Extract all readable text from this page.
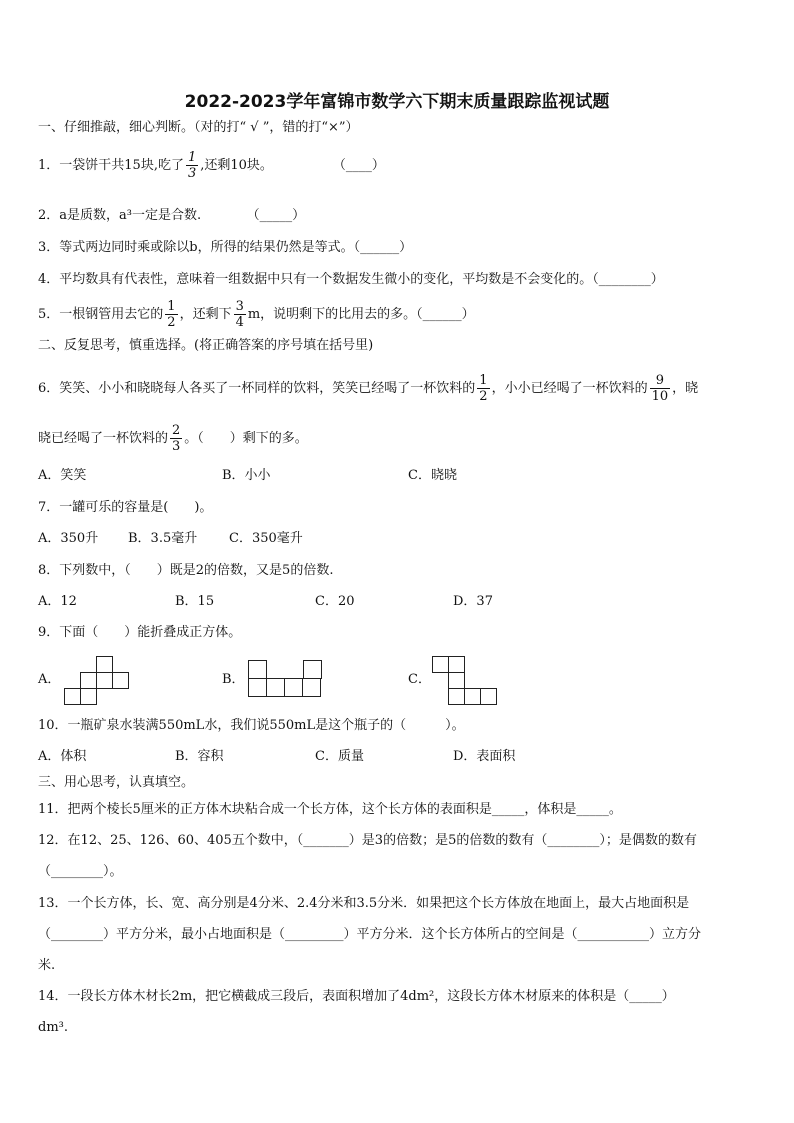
2022-2023学年富锦市数学六下期末质量跟踪监视试题
一、仔细推敲，细心判断。（对的打“ √ ”，错的打“×”）
1．一袋饼干共15块,吃了 $\frac{1}{3}$ ,还剩10块。	（____）
2．a是质数，a³一定是合数.　　　　（_____）
3．等式两边同时乘或除以b，所得的结果仍然是等式。（______）
4．平均数具有代表性，意味着一组数据中只有一个数据发生微小的变化，平均数是不会变化的。（________）
5．一根钢管用去它的 $\frac{1}{2}$ ，还剩下 $\frac{3}{4}$ m，说明剩下的比用去的多。（______）
二、反复思考，慎重选择。(将正确答案的序号填在括号里)
6．笑笑、小小和晓晓每人各买了一杯同样的饮料，笑笑已经喝了一杯饮料的 $\frac{1}{2}$ ，小小已经喝了一杯饮料的 $\frac{9}{10}$ ，晓
晓已经喝了一杯饮料的 $\frac{2}{3}$ 。（　　）剩下的多。
A．笑笑	B．小小	C．晓晓
7．一罐可乐的容量是(　　)。
A．350升 B．3.5毫升 C．350毫升
8．下列数中，（　　）既是2的倍数，又是5的倍数.
A．12	B．15	C．20	D．37
9．下面（　　）能折叠成正方体。
A．	B．	C．
10．一瓶矿泉水装满550mL水，我们说550mL是这个瓶子的（　　　）。
A．体积	B．容积	C．质量	D．表面积
三、用心思考，认真填空。
11．把两个棱长5厘米的正方体木块粘合成一个长方体，这个长方体的表面积是_____，体积是_____。
12．在12、25、126、60、405五个数中，（_______）是3的倍数；是5的倍数的数有（________）；是偶数的数有
（________）。
13．一个长方体，长、宽、高分别是4分米、2.4分米和3.5分米．如果把这个长方体放在地面上，最大占地面积是
（________）平方分米，最小占地面积是（_________）平方分米．这个长方体所占的空间是（___________）立方分
米.
14．一段长方体木材长2m，把它横截成三段后，表面积增加了4dm²，这段长方体木材原来的体积是（_____）
dm³.
